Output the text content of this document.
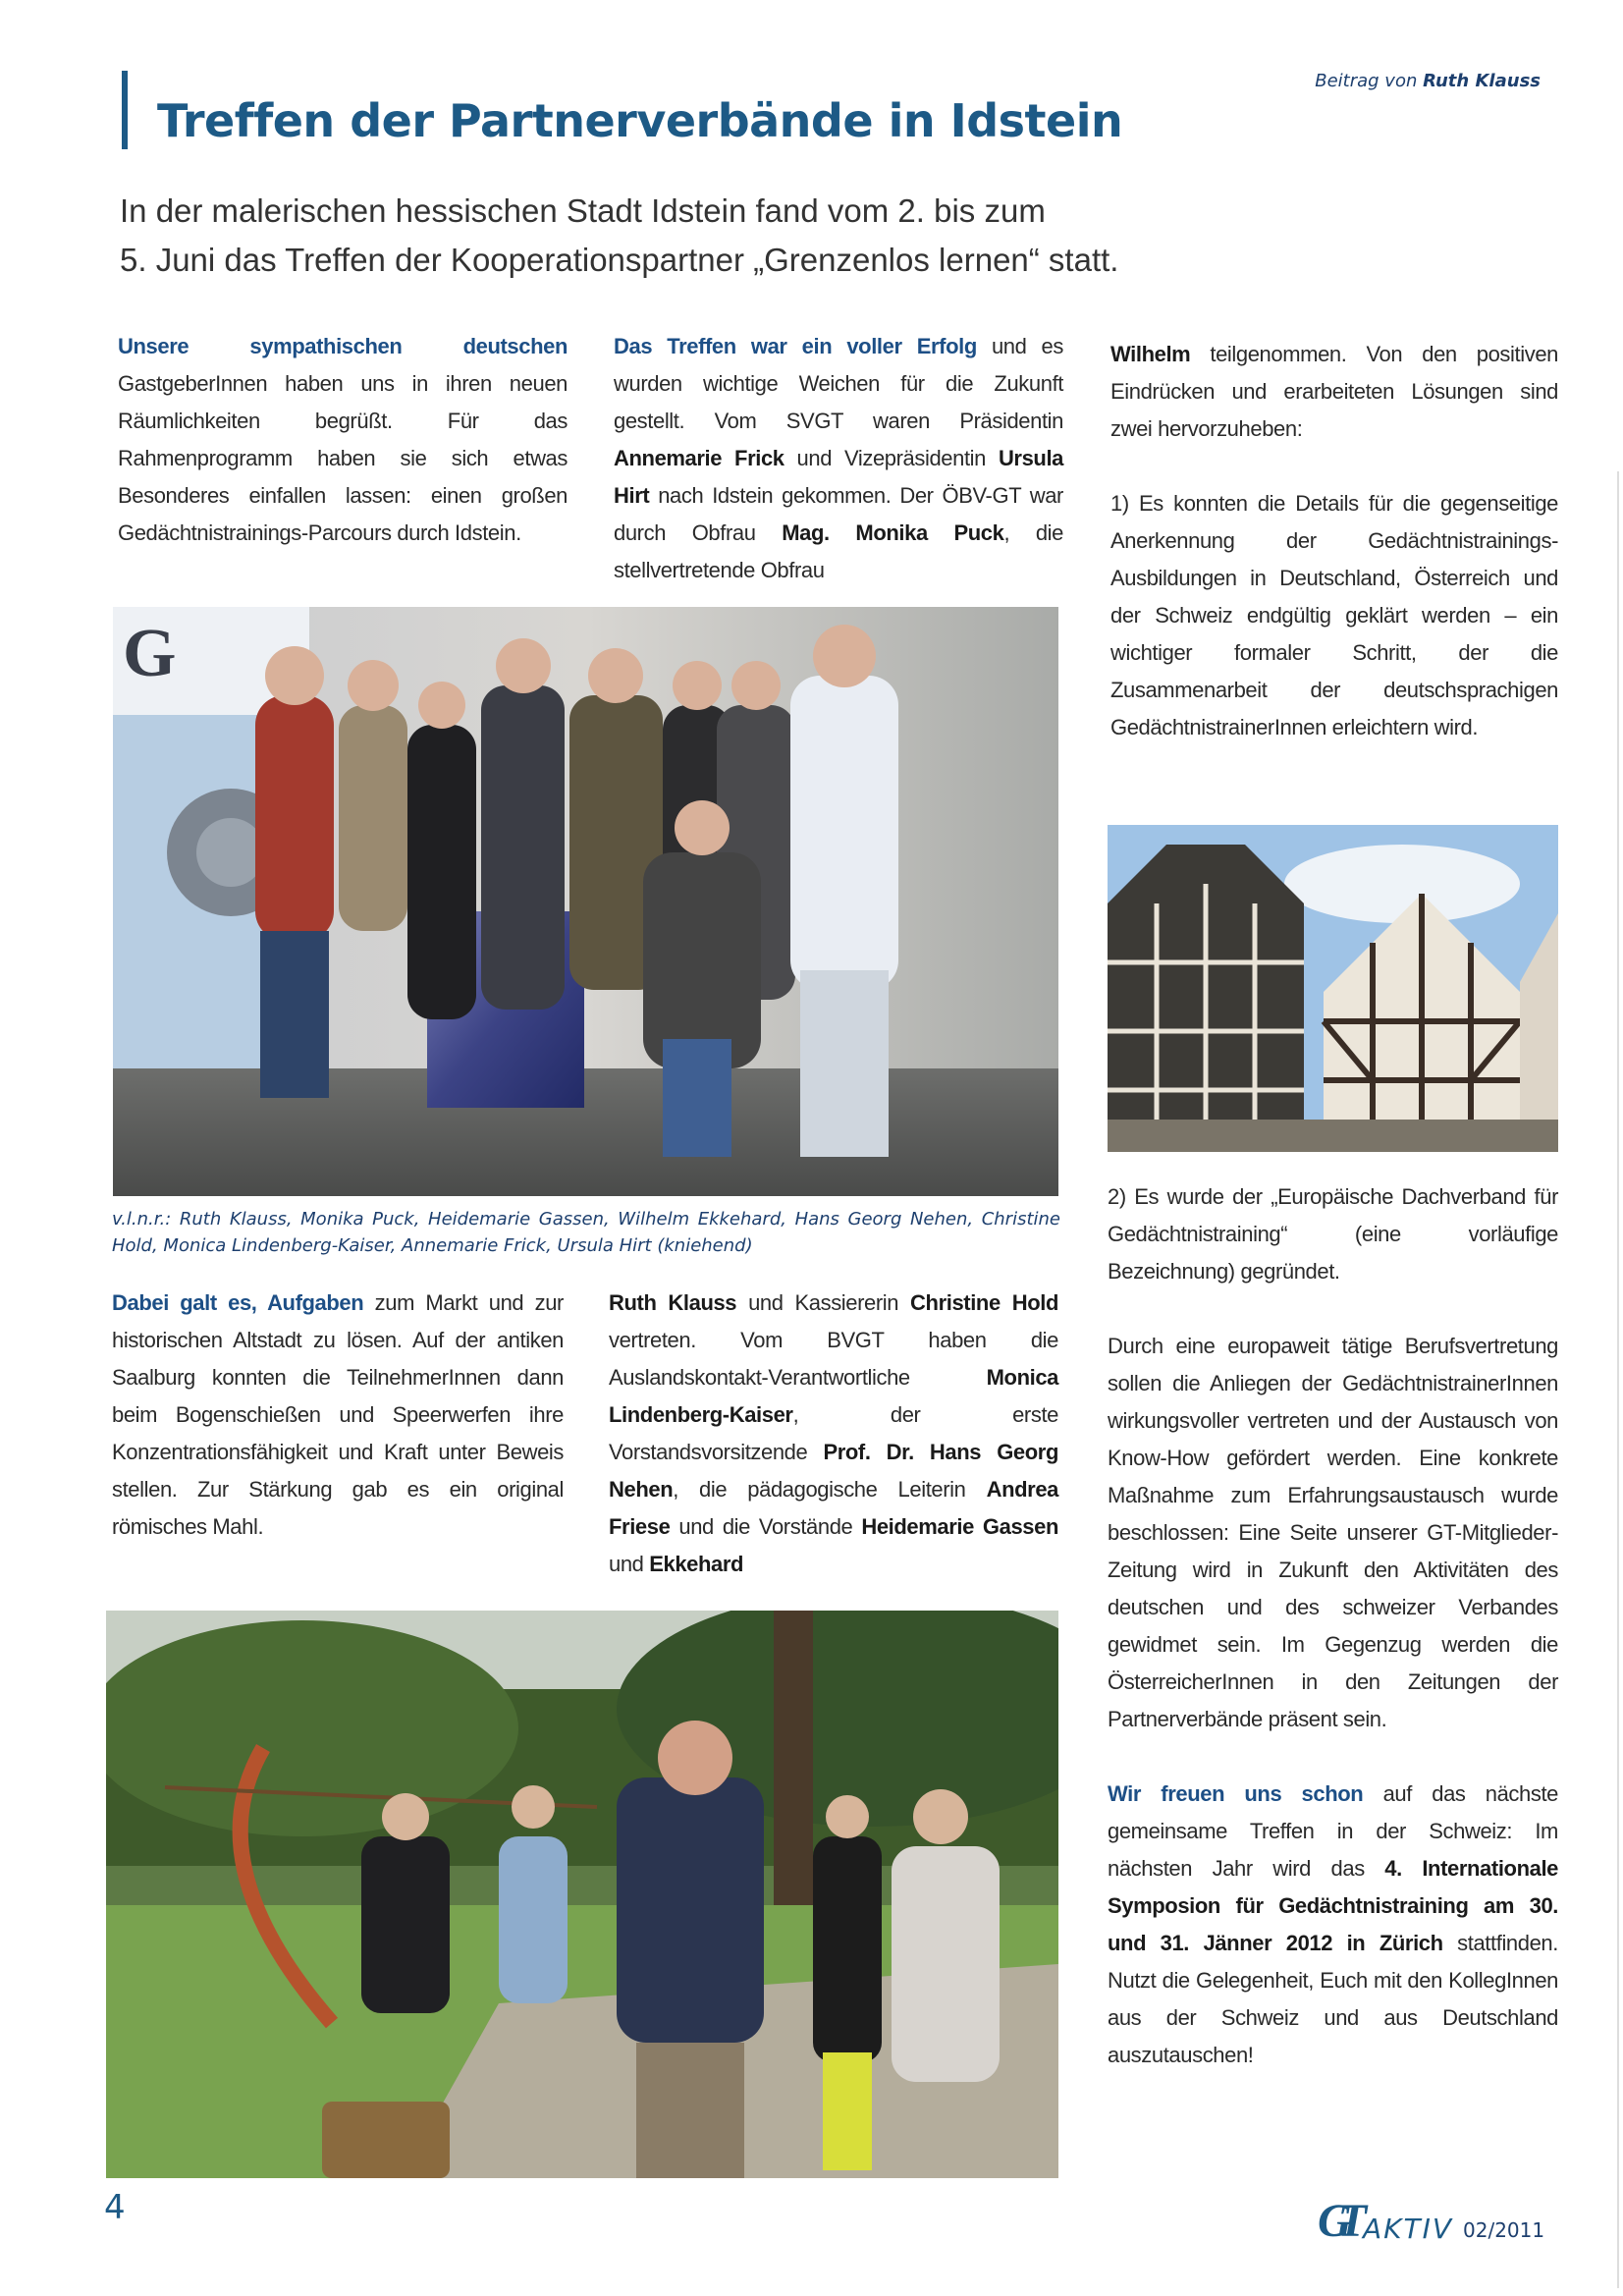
Treffen der Partnerverbände in Idstein
Beitrag von Ruth Klauss
In der malerischen hessischen Stadt Idstein fand vom 2. bis zum
5. Juni das Treffen der Kooperationspartner „Grenzenlos lernen“ statt.

Unsere sympathischen deutschen GastgeberInnen haben uns in ihren neuen Räumlichkeiten begrüßt. Für das Rahmenprogramm haben sie sich etwas Besonderes einfallen lassen: einen großen Gedächtnistrainings-Parcours durch Idstein.

Das Treffen war ein voller Erfolg und es wurden wichtige Weichen für die Zukunft gestellt. Vom SVGT waren Präsidentin Annemarie Frick und Vizepräsidentin Ursula Hirt nach Idstein gekommen. Der ÖBV-GT war durch Obfrau Mag. Monika Puck, die stellvertretende Obfrau

Wilhelm teilgenommen. Von den positiven Eindrücken und erarbeiteten Lösungen sind zwei hervorzuheben:

1) Es konnten die Details für die gegenseitige Anerkennung der Gedächtnistrainings-Ausbildungen in Deutschland, Österreich und der Schweiz endgültig geklärt werden – ein wichtiger formaler Schritt, der die Zusammenarbeit der deutschsprachigen GedächtnistrainerInnen erleichtern wird.

G
v.l.n.r.: Ruth Klauss, Monika Puck, Heidemarie Gassen, Wilhelm Ekkehard, Hans Georg Nehen, Christine Hold, Monica Lindenberg-Kaiser, Annemarie Frick, Ursula Hirt (kniehend)

Dabei galt es, Aufgaben zum Markt und zur historischen Altstadt zu lösen. Auf der antiken Saalburg konnten die TeilnehmerInnen dann beim Bogenschießen und Speerwerfen ihre Konzentrationsfähigkeit und Kraft unter Beweis stellen. Zur Stärkung gab es ein original römisches Mahl.

Ruth Klauss und Kassiererin Christine Hold vertreten. Vom BVGT haben die Auslandskontakt-Verantwortliche Monica Lindenberg-Kaiser, der erste Vorstandsvorsitzende Prof. Dr. Hans Georg Nehen, die pädagogische Leiterin Andrea Friese und die Vorstände Heidemarie Gassen und Ekkehard

2) Es wurde der „Europäische Dachverband für Gedächtnistraining“ (eine vorläufige Bezeichnung) gegründet.

Durch eine europaweit tätige Berufsvertretung sollen die Anliegen der GedächtnistrainerInnen wirkungsvoller vertreten und der Austausch von Know-How gefördert werden. Eine konkrete Maßnahme zum Erfahrungsaustausch wurde beschlossen: Eine Seite unserer GT-Mitglieder-Zeitung wird in Zukunft den Aktivitäten des deutschen und des schweizer Verbandes gewidmet sein. Im Gegenzug werden die ÖsterreicherInnen in den Zeitungen der Partnerverbände präsent sein.

Wir freuen uns schon auf das nächste gemeinsame Treffen in der Schweiz: Im nächsten Jahr wird das 4. Internationale Symposion für Gedächtnistraining am 30. und 31. Jänner 2012 in Zürich stattfinden. Nutzt die Gelegenheit, Euch mit den KollegInnen aus der Schweiz und aus Deutschland auszutauschen!

4	GT AKTIV 02/2011
